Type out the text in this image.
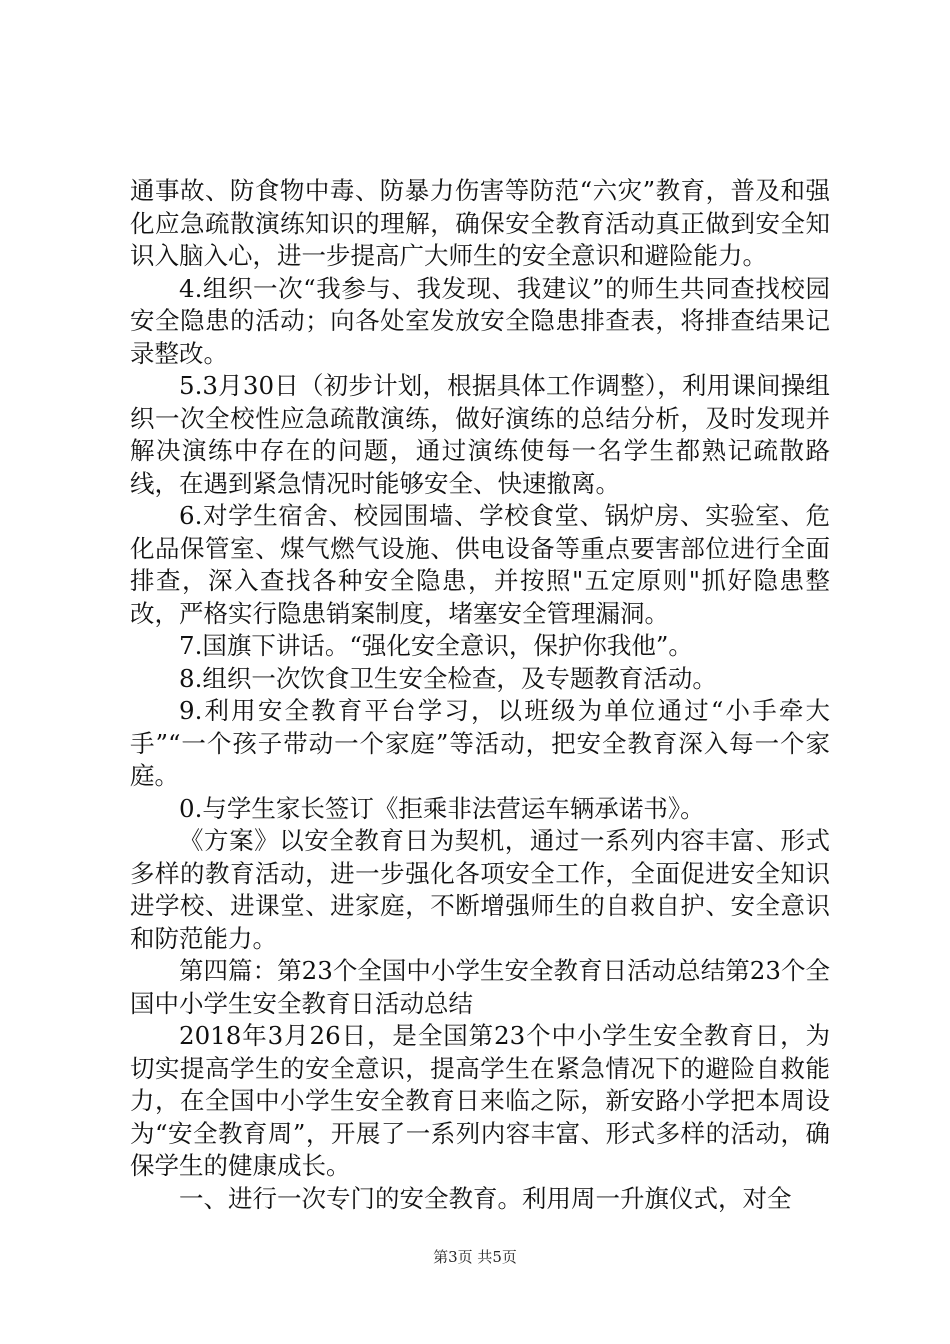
通事故、防食物中毒、防暴力伤害等防范“六灾”教育，普及和强化应急疏散演练知识的理解，确保安全教育活动真正做到安全知识入脑入心，进一步提高广大师生的安全意识和避险能力。

4.组织一次“我参与、我发现、我建议”的师生共同查找校园安全隐患的活动；向各处室发放安全隐患排查表，将排查结果记录整改。

5.3月30日（初步计划，根据具体工作调整），利用课间操组织一次全校性应急疏散演练，做好演练的总结分析，及时发现并解决演练中存在的问题，通过演练使每一名学生都熟记疏散路线，在遇到紧急情况时能够安全、快速撤离。

6.对学生宿舍、校园围墙、学校食堂、锅炉房、实验室、危化品保管室、煤气燃气设施、供电设备等重点要害部位进行全面排查，深入查找各种安全隐患，并按照"五定原则"抓好隐患整改，严格实行隐患销案制度，堵塞安全管理漏洞。

7.国旗下讲话。“强化安全意识，保护你我他”。

8.组织一次饮食卫生安全检查，及专题教育活动。

9.利用安全教育平台学习，以班级为单位通过“小手牵大手”“一个孩子带动一个家庭”等活动，把安全教育深入每一个家庭。

0.与学生家长签订《拒乘非法营运车辆承诺书》。

《方案》以安全教育日为契机，通过一系列内容丰富、形式多样的教育活动，进一步强化各项安全工作，全面促进安全知识进学校、进课堂、进家庭，不断增强师生的自救自护、安全意识和防范能力。

第四篇：第23个全国中小学生安全教育日活动总结第23个全国中小学生安全教育日活动总结

2018年3月26日，是全国第23个中小学生安全教育日，为切实提高学生的安全意识，提高学生在紧急情况下的避险自救能力，在全国中小学生安全教育日来临之际，新安路小学把本周设为“安全教育周”，开展了一系列内容丰富、形式多样的活动，确保学生的健康成长。

一、进行一次专门的安全教育。利用周一升旗仪式，对全

第3页 共5页
